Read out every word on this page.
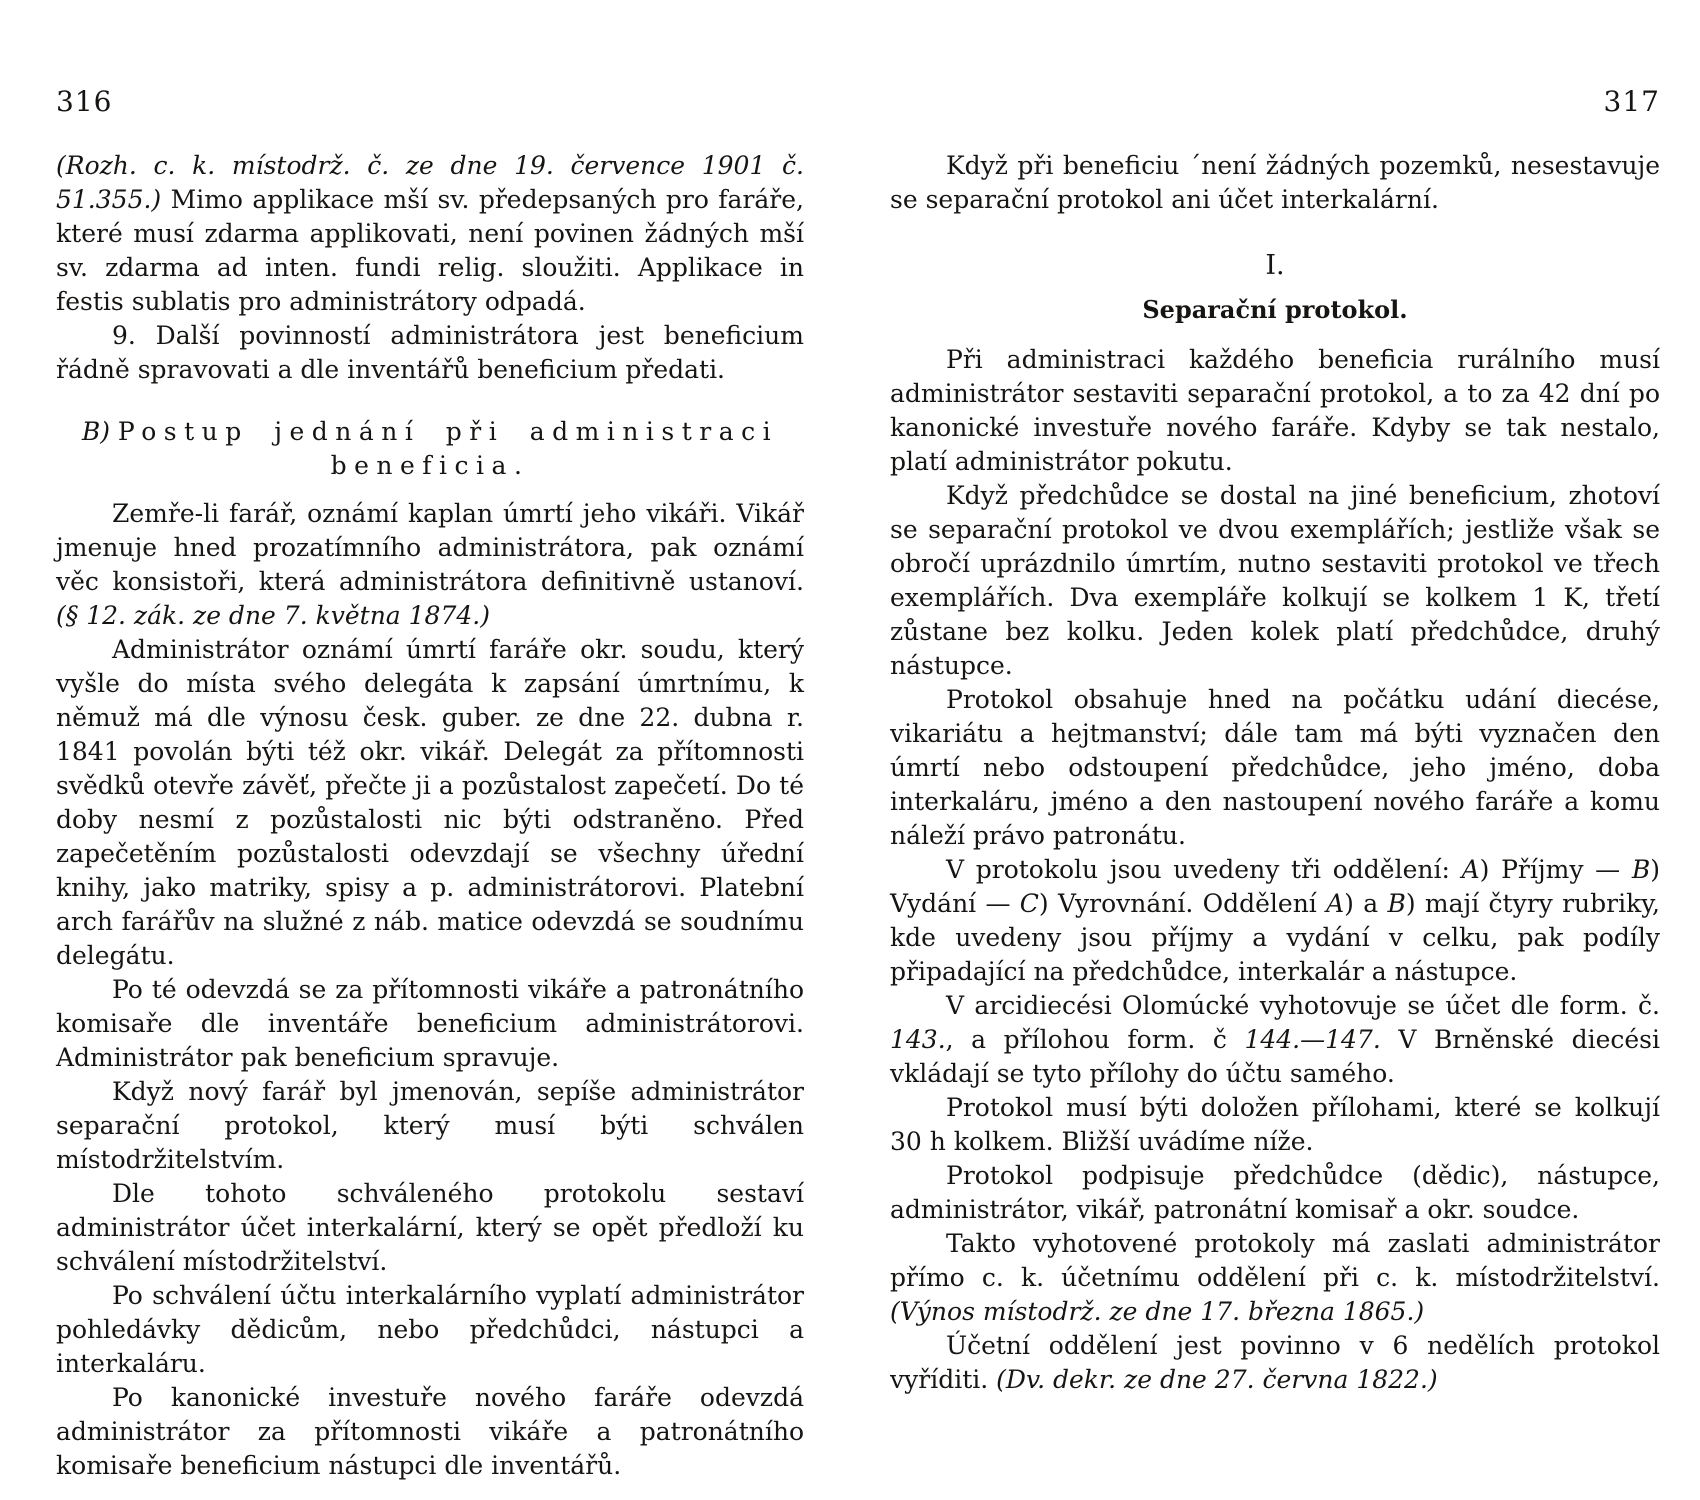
316

(Rozh. c. k. místodrž. č. ze dne 19. července 1901 č. 51.355.) Mimo applikace mší sv. předepsaných pro faráře, které musí zdarma applikovati, není povinen žádných mší sv. zdarma ad inten. fundi relig. sloužiti. Applikace in festis sublatis pro administrátory odpadá.

9. Další povinností administrátora jest beneficium řádně spravovati a dle inventářů beneficium předati.

B) Postup jednání při administraci beneficia.

Zemře-li farář, oznámí kaplan úmrtí jeho vikáři. Vikář jmenuje hned prozatímního administrátora, pak oznámí věc konsistoři, která administrátora definitivně ustanoví. (§ 12. zák. ze dne 7. května 1874.)

Administrátor oznámí úmrtí faráře okr. soudu, který vyšle do místa svého delegáta k zapsání úmrtnímu, k němuž má dle výnosu česk. guber. ze dne 22. dubna r. 1841 povolán býti též okr. vikář. Delegát za přítomnosti svědků otevře závěť, přečte ji a pozůstalost zapečetí. Do té doby nesmí z pozůstalosti nic býti odstraněno. Před zapečetěním pozůstalosti odevzdají se všechny úřední knihy, jako matriky, spisy a p. administrátorovi. Platební arch farářův na služné z náb. matice odevzdá se soudnímu delegátu.

Po té odevzdá se za přítomnosti vikáře a patronátního komisaře dle inventáře beneficium administrátorovi. Administrátor pak beneficium spravuje.

Když nový farář byl jmenován, sepíše administrátor separační protokol, který musí býti schválen místodržitelstvím.

Dle tohoto schváleného protokolu sestaví administrátor účet interkalární, který se opět předloží ku schválení místodržitelství.

Po schválení účtu interkalárního vyplatí administrátor pohledávky dědicům, nebo předchůdci, nástupci a interkaláru.

Po kanonické investuře nového faráře odevzdá administrátor za přítomnosti vikáře a patronátního komisaře beneficium nástupci dle inventářů.

317

Když při beneficiu ´není žádných pozemků, nesestavuje se separační protokol ani účet interkalární.

I.

Separační protokol.

Při administraci každého beneficia rurálního musí administrátor sestaviti separační protokol, a to za 42 dní po kanonické investuře nového faráře. Kdyby se tak nestalo, platí administrátor pokutu.

Když předchůdce se dostal na jiné beneficium, zhotoví se separační protokol ve dvou exemplářích; jestliže však se obročí uprázdnilo úmrtím, nutno sestaviti protokol ve třech exemplářích. Dva exempláře kolkují se kolkem 1 K, třetí zůstane bez kolku. Jeden kolek platí předchůdce, druhý nástupce.

Protokol obsahuje hned na počátku udání diecése, vikariátu a hejtmanství; dále tam má býti vyznačen den úmrtí nebo odstoupení předchůdce, jeho jméno, doba interkaláru, jméno a den nastoupení nového faráře a komu náleží právo patronátu.

V protokolu jsou uvedeny tři oddělení: A) Příjmy — B) Vydání — C) Vyrovnání. Oddělení A) a B) mají čtyry rubriky, kde uvedeny jsou příjmy a vydání v celku, pak podíly připadající na předchůdce, interkalár a nástupce.

V arcidiecési Olomúcké vyhotovuje se účet dle form. č. 143., a přílohou form. č 144.—147. V Brněnské diecési vkládají se tyto přílohy do účtu samého.

Protokol musí býti doložen přílohami, které se kolkují 30 h kolkem. Bližší uvádíme níže.

Protokol podpisuje předchůdce (dědic), nástupce, administrátor, vikář, patronátní komisař a okr. soudce.

Takto vyhotovené protokoly má zaslati administrátor přímo c. k. účetnímu oddělení při c. k. místodržitelství. (Výnos místodrž. ze dne 17. března 1865.)

Účetní oddělení jest povinno v 6 nedělích protokol vyříditi. (Dv. dekr. ze dne 27. června 1822.)
